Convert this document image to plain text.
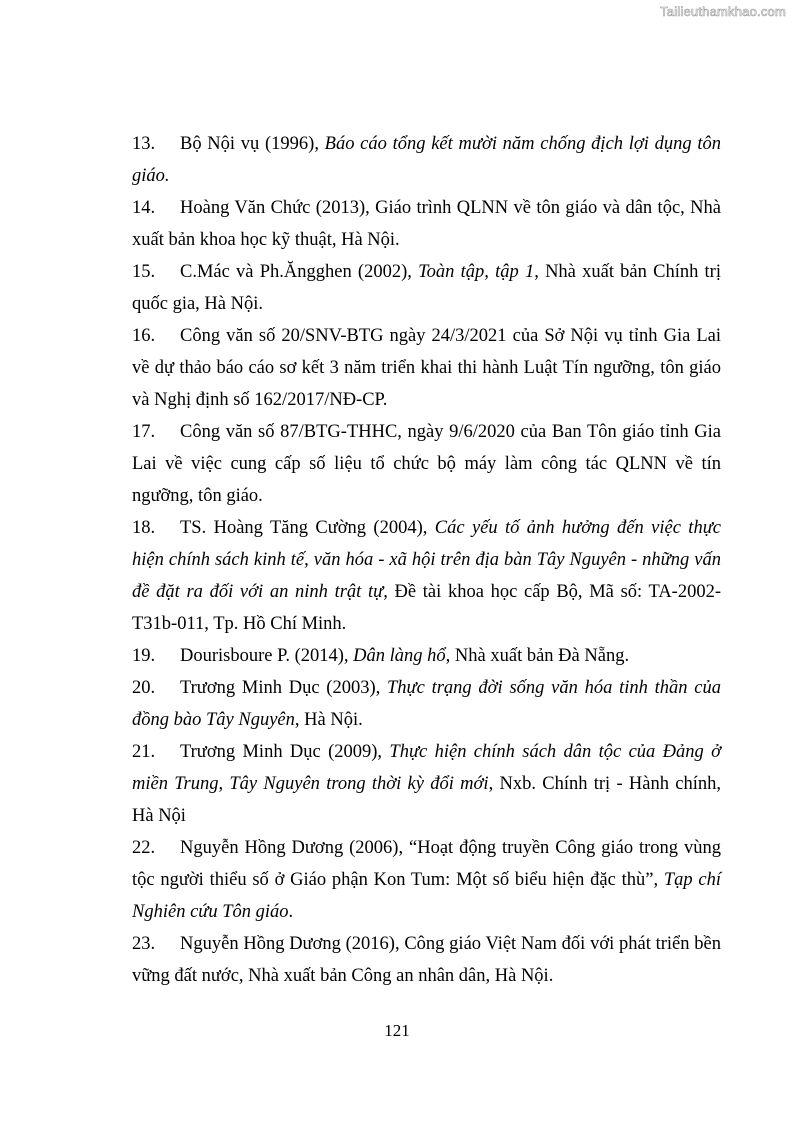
Tailieuthamkhao.com
13. Bộ Nội vụ (1996), Báo cáo tổng kết mười năm chống địch lợi dụng tôn giáo.
14. Hoàng Văn Chức (2013), Giáo trình QLNN về tôn giáo và dân tộc, Nhà xuất bản khoa học kỹ thuật, Hà Nội.
15. C.Mác và Ph.Ăngghen (2002), Toàn tập, tập 1, Nhà xuất bản Chính trị quốc gia, Hà Nội.
16. Công văn số 20/SNV-BTG ngày 24/3/2021 của Sở Nội vụ tỉnh Gia Lai về dự thảo báo cáo sơ kết 3 năm triển khai thi hành Luật Tín ngưỡng, tôn giáo và Nghị định số 162/2017/NĐ-CP.
17. Công văn số 87/BTG-THHC, ngày 9/6/2020 của Ban Tôn giáo tỉnh Gia Lai về việc cung cấp số liệu tổ chức bộ máy làm công tác QLNN về tín ngưỡng, tôn giáo.
18. TS. Hoàng Tăng Cường (2004), Các yếu tố ảnh hưởng đến việc thực hiện chính sách kinh tế, văn hóa - xã hội trên địa bàn Tây Nguyên - những vấn đề đặt ra đối với an ninh trật tự, Đề tài khoa học cấp Bộ, Mã số: TA-2002-T31b-011, Tp. Hồ Chí Minh.
19. Dourisboure P. (2014), Dân làng hổ, Nhà xuất bản Đà Nẵng.
20. Trương Minh Dục (2003), Thực trạng đời sống văn hóa tinh thần của đồng bào Tây Nguyên, Hà Nội.
21. Trương Minh Dục (2009), Thực hiện chính sách dân tộc của Đảng ở miền Trung, Tây Nguyên trong thời kỳ đổi mới, Nxb. Chính trị - Hành chính, Hà Nội
22. Nguyễn Hồng Dương (2006), “Hoạt động truyền Công giáo trong vùng tộc người thiểu số ở Giáo phận Kon Tum: Một số biểu hiện đặc thù”, Tạp chí Nghiên cứu Tôn giáo.
23. Nguyễn Hồng Dương (2016), Công giáo Việt Nam đối với phát triển bền vững đất nước, Nhà xuất bản Công an nhân dân, Hà Nội.
121
